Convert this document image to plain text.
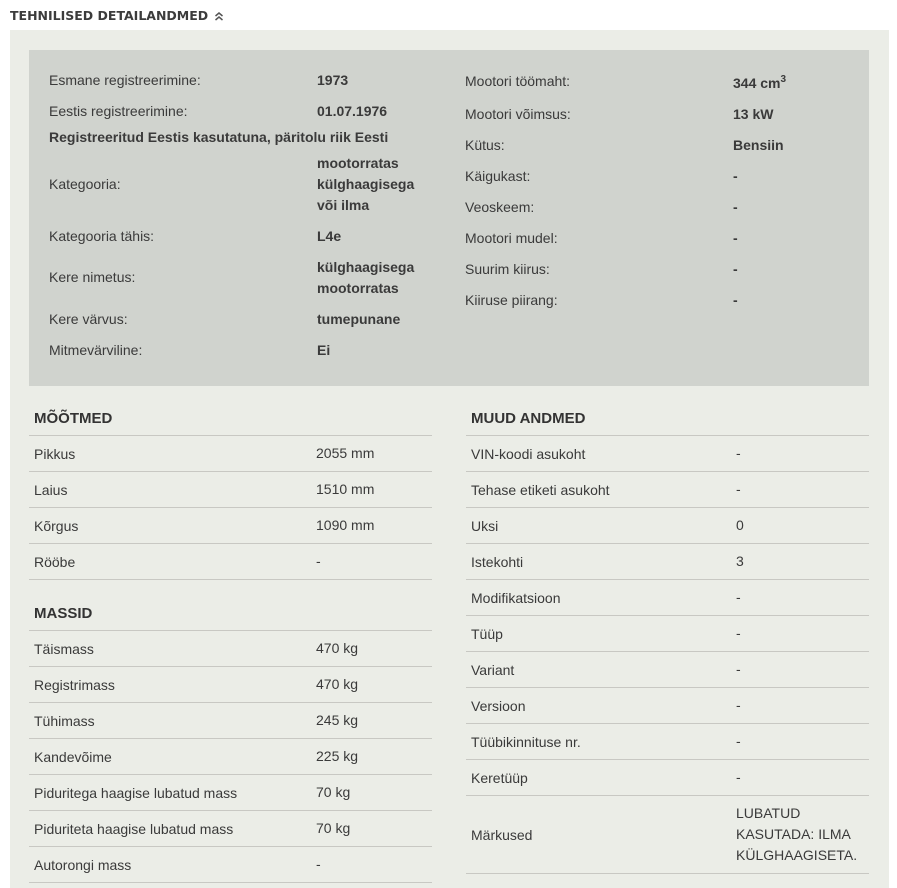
TEHNILISED DETAILANDMED
Esmane registreerimine:	1973
Eestis registreerimine:	01.07.1976
Registreeritud Eestis kasutatuna, päritolu riik Eesti
Kategooria:
mootorratas külghaagisega või ilma
Kategooria tähis:	L4e
Kere nimetus:
külghaagisega mootorratas
Kere värvus:	tumepunane
Mitmevärviline:	Ei
Mootori töömaht:	344 $cm^3$
Mootori võimsus:	13 kW
Kütus:	Bensiin
Käigukast:	-
Veoskeem:	-
Mootori mudel:	-
Suurim kiirus:	-
Kiiruse piirang:	-
MÕÕTMED
Pikkus	2055 mm
Laius	1510 mm
Kõrgus	1090 mm
Rööbe	-
MASSID
Täismass	470 kg
Registrimass	470 kg
Tühimass	245 kg
Kandevõime	225 kg
Piduritega haagise lubatud mass	70 kg
Piduriteta haagise lubatud mass	70 kg
Autorongi mass	-
MUUD ANDMED
VIN-koodi asukoht	-
Tehase etiketi asukoht	-
Uksi	0
Istekohti	3
Modifikatsioon	-
Tüüp	-
Variant	-
Versioon	-
Tüübikinnituse nr.	-
Keretüüp	-
Märkused
LUBATUD KASUTADA: ILMA KÜLGHAAGISETA.
